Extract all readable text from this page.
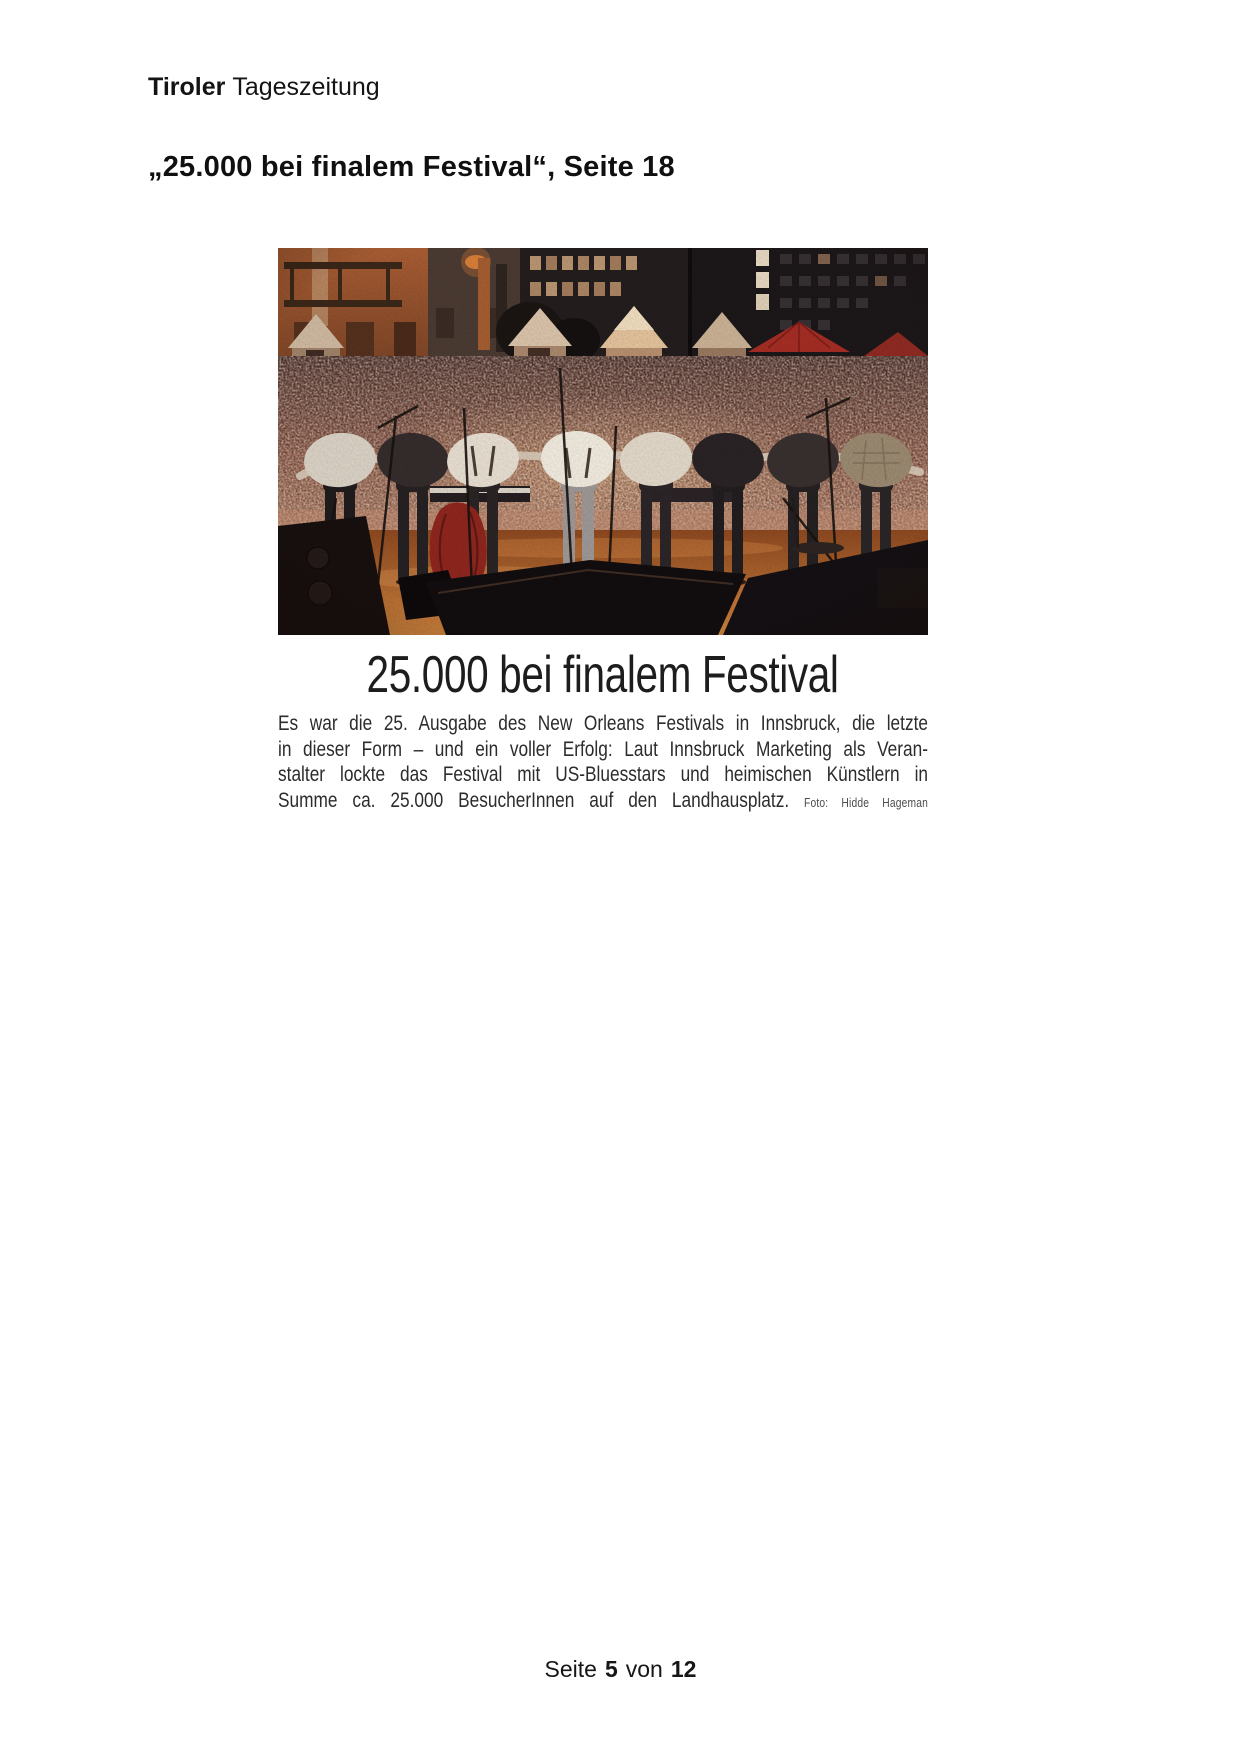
Tiroler Tageszeitung
„25.000 bei finalem Festival“, Seite 18
25.000 bei finalem Festival
Es war die 25. Ausgabe des New Orleans Festivals in Innsbruck, die letzte
in dieser Form – und ein voller Erfolg: Laut Innsbruck Marketing als Veran-
stalter lockte das Festival mit US-Bluesstars und heimischen Künstlern in
Summe ca. 25.000 BesucherInnen auf den Landhausplatz. Foto: Hidde Hageman
Seite 5 von 12
